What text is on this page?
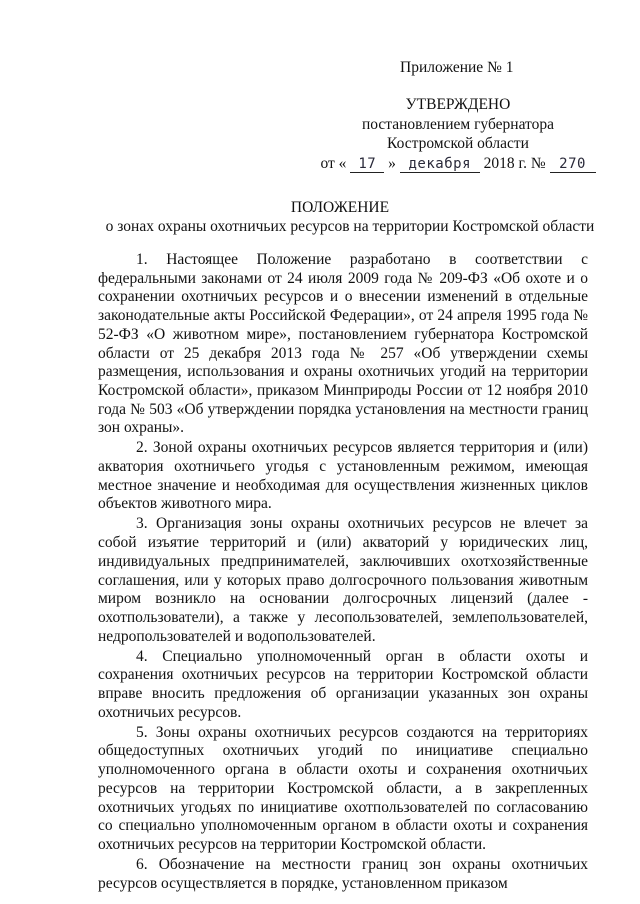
Приложение № 1
УТВЕРЖДЕНО
постановлением губернатора
Костромской области
от « 17 » декабря 2018 г. № 270
ПОЛОЖЕНИЕ
о зонах охраны охотничьих ресурсов на территории Костромской области

1. Настоящее Положение разработано в соответствии с федеральными законами от 24 июля 2009 года № 209-ФЗ «Об охоте и о сохранении охотничьих ресурсов и о внесении изменений в отдельные законодательные акты Российской Федерации», от 24 апреля 1995 года № 52-ФЗ «О животном мире», постановлением губернатора Костромской области от 25 декабря 2013 года № 257 «Об утверждении схемы размещения, использования и охраны охотничьих угодий на территории Костромской области», приказом Минприроды России от 12 ноября 2010 года № 503 «Об утверждении порядка установления на местности границ зон охраны».

2. Зоной охраны охотничьих ресурсов является территория и (или) акватория охотничьего угодья с установленным режимом, имеющая местное значение и необходимая для осуществления жизненных циклов объектов животного мира.

3. Организация зоны охраны охотничьих ресурсов не влечет за собой изъятие территорий и (или) акваторий у юридических лиц, индивидуальных предпринимателей, заключивших охотхозяйственные соглашения, или у которых право долгосрочного пользования животным миром возникло на основании долгосрочных лицензий (далее - охотпользователи), а также у лесопользователей, землепользователей, недропользователей и водопользователей.

4. Специально уполномоченный орган в области охоты и сохранения охотничьих ресурсов на территории Костромской области вправе вносить предложения об организации указанных зон охраны охотничьих ресурсов.

5. Зоны охраны охотничьих ресурсов создаются на территориях общедоступных охотничьих угодий по инициативе специально уполномоченного органа в области охоты и сохранения охотничьих ресурсов на территории Костромской области, а в закрепленных охотничьих угодьях по инициативе охотпользователей по согласованию со специально уполномоченным органом в области охоты и сохранения охотничьих ресурсов на территории Костромской области.

6. Обозначение на местности границ зон охраны охотничьих ресурсов осуществляется в порядке, установленном приказом
